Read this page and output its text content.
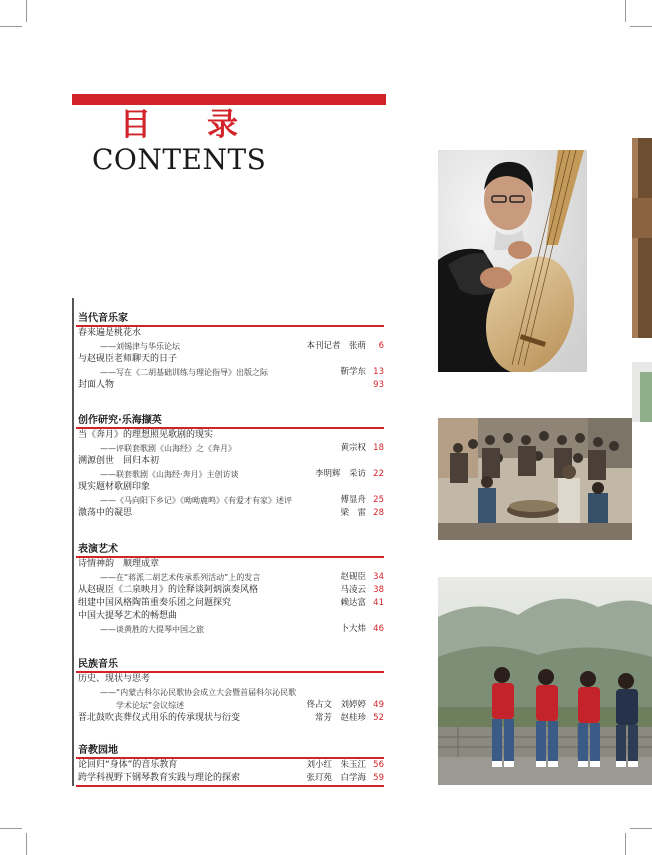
目录
CONTENTS
当代音乐家
春来遍是桃花水
——刘锡津与华乐论坛	本刊记者　张萌 6
与赵砚臣老师聊天的日子
——写在《二胡基础训练与理论指导》出版之际	靳学东 13
封面人物	93
创作研究·乐海撷英
当《奔月》的理想照见歌剧的现实
——评联套歌剧《山海经》之《奔月》	黄宗权 18
溯源创世　回归本初
——联套歌剧《山海经·奔月》主创访谈	李明辉　采访 22
现实题材歌剧印象
——《马向阳下乡记》《呦呦鹿鸣》《有爱才有家》述评	傅显舟 25
激荡中的凝思	梁　雷 28
表演艺术
诗情神韵　顺理成章
——在“蒋派二胡艺术传承系列活动”上的发言	赵砚臣 34
从赵砚臣《二泉映月》的诠释谈阿炳演奏风格	马凌云 38
组建中国风格陶笛重奏乐团之问题探究	赖达富 41
中国大提琴艺术的畅想曲
——谈黄胜的大提琴中国之旅	卜大炜 46
民族音乐
历史、现状与思考
——“内蒙古科尔沁民歌协会成立大会暨首届科尔沁民歌
学术论坛”会议综述	佟占文　刘婷婷 49
晋北鼓吹丧葬仪式用乐的传承现状与衍变	常芳　赵桂珍 52
音教园地
论回归“身体”的音乐教育	刘小红　朱玉江 56
跨学科视野下钢琴教育实践与理论的探索	张玎苑　白学海 59
